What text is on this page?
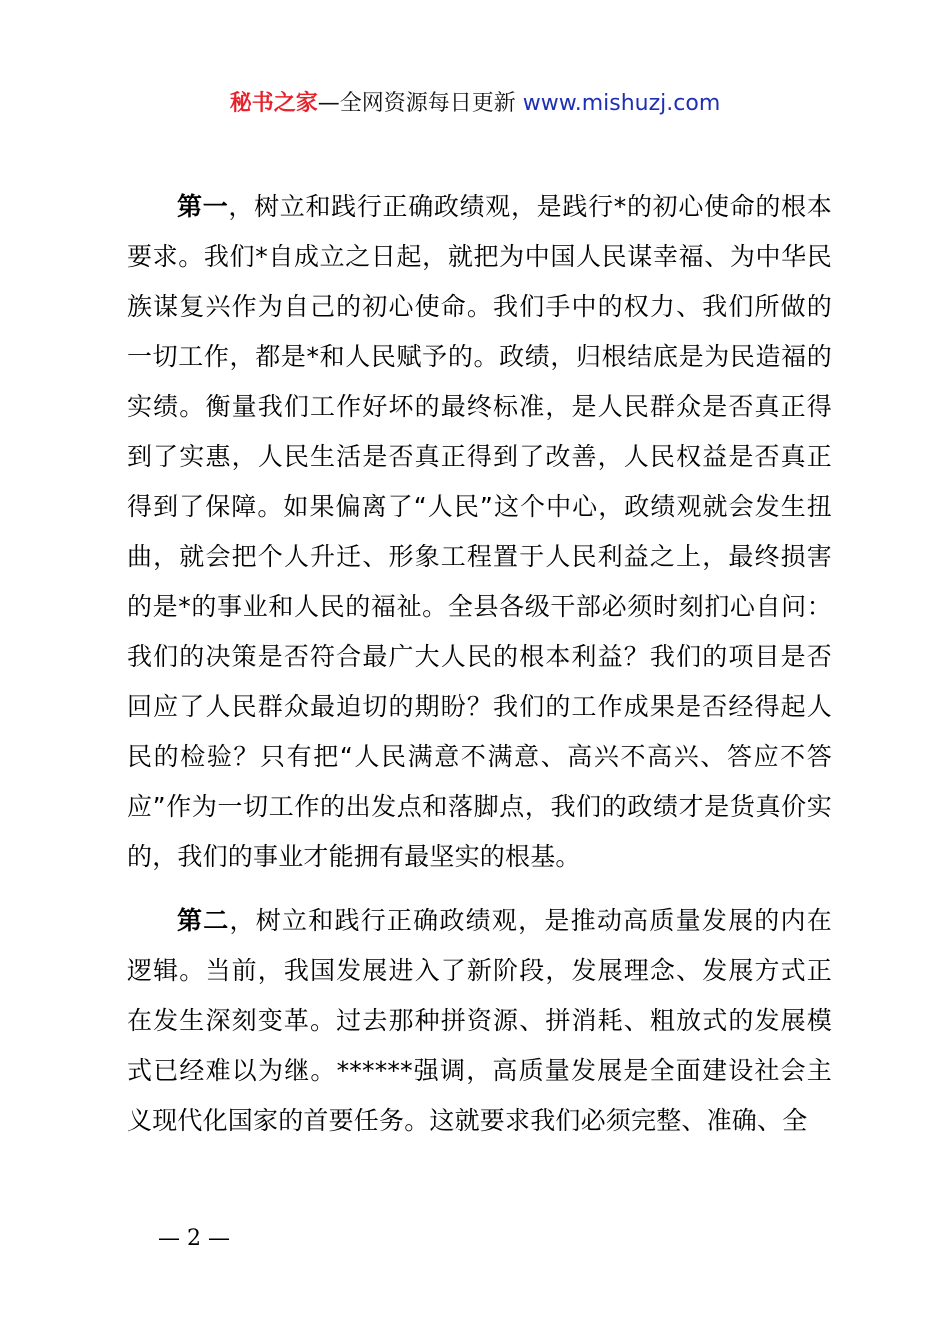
秘书之家—全网资源每日更新 www.mishuzj.com

第一，树立和践行正确政绩观，是践行*的初心使命的根本要求。我们*自成立之日起，就把为中国人民谋幸福、为中华民族谋复兴作为自己的初心使命。我们手中的权力、我们所做的一切工作，都是*和人民赋予的。政绩，归根结底是为民造福的实绩。衡量我们工作好坏的最终标准，是人民群众是否真正得到了实惠，人民生活是否真正得到了改善，人民权益是否真正得到了保障。如果偏离了“人民”这个中心，政绩观就会发生扭曲，就会把个人升迁、形象工程置于人民利益之上，最终损害的是*的事业和人民的福祉。全县各级干部必须时刻扪心自问：我们的决策是否符合最广大人民的根本利益？我们的项目是否回应了人民群众最迫切的期盼？我们的工作成果是否经得起人民的检验？只有把“人民满意不满意、高兴不高兴、答应不答应”作为一切工作的出发点和落脚点，我们的政绩才是货真价实的，我们的事业才能拥有最坚实的根基。

第二，树立和践行正确政绩观，是推动高质量发展的内在逻辑。当前，我国发展进入了新阶段，发展理念、发展方式正在发生深刻变革。过去那种拼资源、拼消耗、粗放式的发展模式已经难以为继。******强调，高质量发展是全面建设社会主义现代化国家的首要任务。这就要求我们必须完整、准确、全

— 2 —
